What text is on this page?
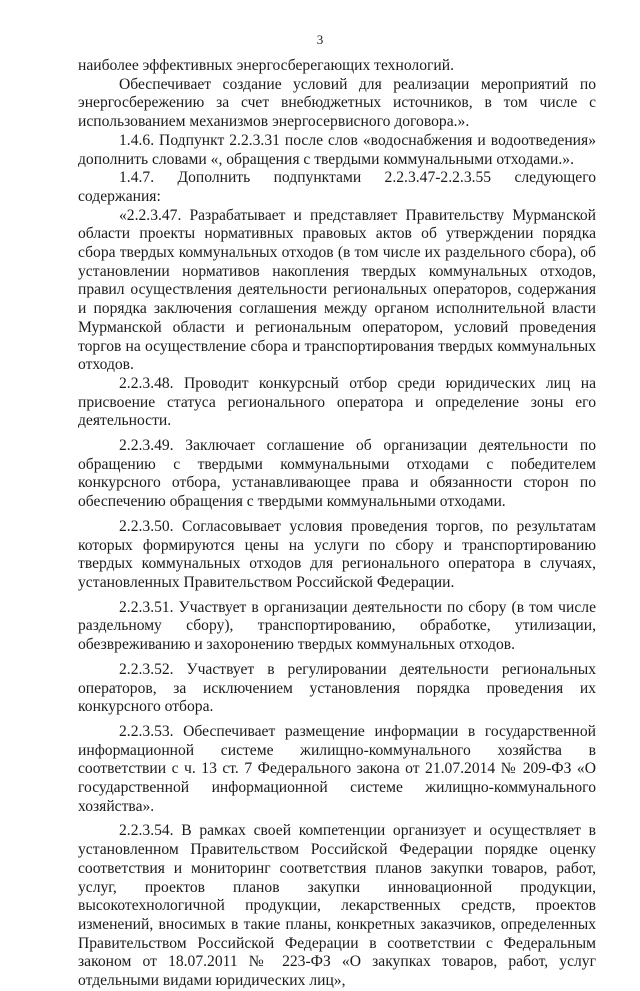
3

наиболее эффективных энергосберегающих технологий.

Обеспечивает создание условий для реализации мероприятий по энергосбережению за счет внебюджетных источников, в том числе с использованием механизмов энергосервисного договора.».

1.4.6. Подпункт 2.2.3.31 после слов «водоснабжения и водоотведения» дополнить словами «, обращения с твердыми коммунальными отходами.».

1.4.7. Дополнить подпунктами 2.2.3.47-2.2.3.55 следующего содержания:

«2.2.3.47. Разрабатывает и представляет Правительству Мурманской области проекты нормативных правовых актов об утверждении порядка сбора твердых коммунальных отходов (в том числе их раздельного сбора), об установлении нормативов накопления твердых коммунальных отходов, правил осуществления деятельности региональных операторов, содержания и порядка заключения соглашения между органом исполнительной власти Мурманской области и региональным оператором, условий проведения торгов на осуществление сбора и транспортирования твердых коммунальных отходов.

2.2.3.48. Проводит конкурсный отбор среди юридических лиц на присвоение статуса регионального оператора и определение зоны его деятельности.

2.2.3.49. Заключает соглашение об организации деятельности по обращению с твердыми коммунальными отходами с победителем конкурсного отбора, устанавливающее права и обязанности сторон по обеспечению обращения с твердыми коммунальными отходами.

2.2.3.50. Согласовывает условия проведения торгов, по результатам которых формируются цены на услуги по сбору и транспортированию твердых коммунальных отходов для регионального оператора в случаях, установленных Правительством Российской Федерации.

2.2.3.51. Участвует в организации деятельности по сбору (в том числе раздельному сбору), транспортированию, обработке, утилизации, обезвреживанию и захоронению твердых коммунальных отходов.

2.2.3.52. Участвует в регулировании деятельности региональных операторов, за исключением установления порядка проведения их конкурсного отбора.

2.2.3.53. Обеспечивает размещение информации в государственной информационной системе жилищно-коммунального хозяйства в соответствии с ч. 13 ст. 7 Федерального закона от 21.07.2014 № 209-ФЗ «О государственной информационной системе жилищно-коммунального хозяйства».

2.2.3.54. В рамках своей компетенции организует и осуществляет в установленном Правительством Российской Федерации порядке оценку соответствия и мониторинг соответствия планов закупки товаров, работ, услуг, проектов планов закупки инновационной продукции, высокотехнологичной продукции, лекарственных средств, проектов изменений, вносимых в такие планы, конкретных заказчиков, определенных Правительством Российской Федерации в соответствии с Федеральным законом от 18.07.2011 № 223-ФЗ «О закупках товаров, работ, услуг отдельными видами юридических лиц»,
